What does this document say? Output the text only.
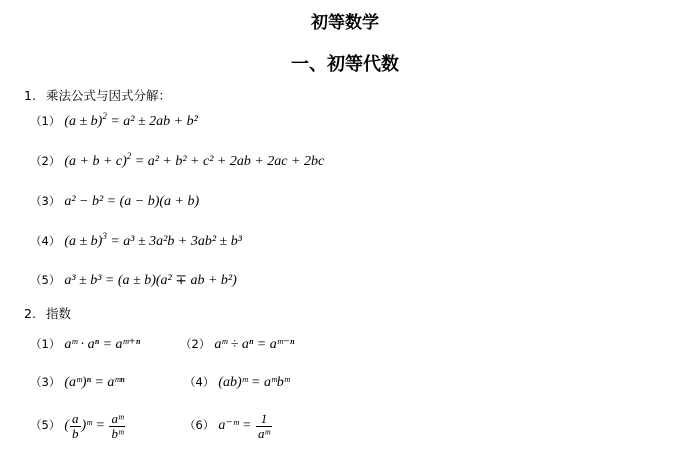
初等数学
一、初等代数
1. 乘法公式与因式分解：
（1） $(a \pm b)^2 = a^2 \pm 2ab + b^2$
（2） $(a + b + c)^2 = a^2 + b^2 + c^2 + 2ab + 2ac + 2bc$
（3） a² − b² = (a − b)(a + b)
（4） $(a \pm b)^3 = a^3 \pm 3a^2b + 3ab^2 \pm b^3$
（5） a³ ± b³ = (a ± b)(a² ∓ ab + b²)
2. 指数
（1） aᵐ · aⁿ = aᵐ⁺ⁿ	（2） aᵐ ÷ aⁿ = aᵐ⁻ⁿ
（3） (aᵐ)ⁿ = aᵐⁿ	（4） (ab)ᵐ = aᵐbᵐ
（5） ( $\frac{a}{b}$ )ᵐ = $\frac{\text{aᵐ}}{\text{bᵐ}}$	（6） a⁻ᵐ = $\frac{1}{\text{aᵐ}}$
